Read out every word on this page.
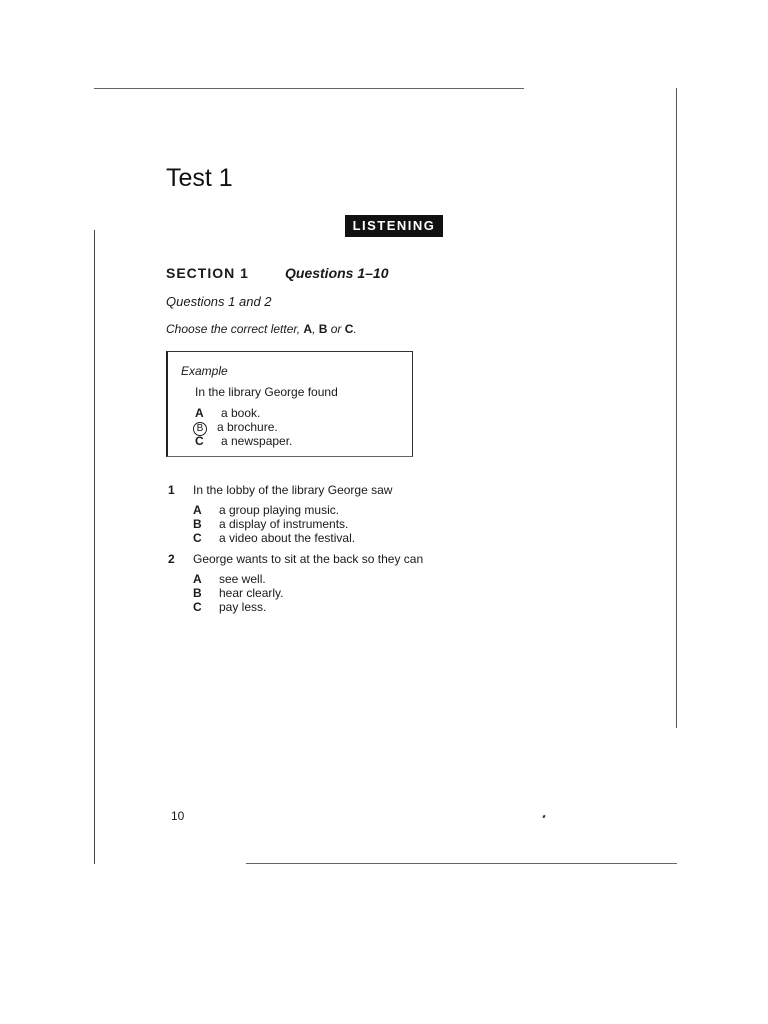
Test 1
LISTENING
SECTION 1	Questions 1–10
Questions 1 and 2
Choose the correct letter, A, B or C.
Example
In the library George found
A a book.
B a brochure.
C a newspaper.
1 In the lobby of the library George saw
A a group playing music.
B a display of instruments.
C a video about the festival.
2 George wants to sit at the back so they can
A see well.
B hear clearly.
C pay less.
10
